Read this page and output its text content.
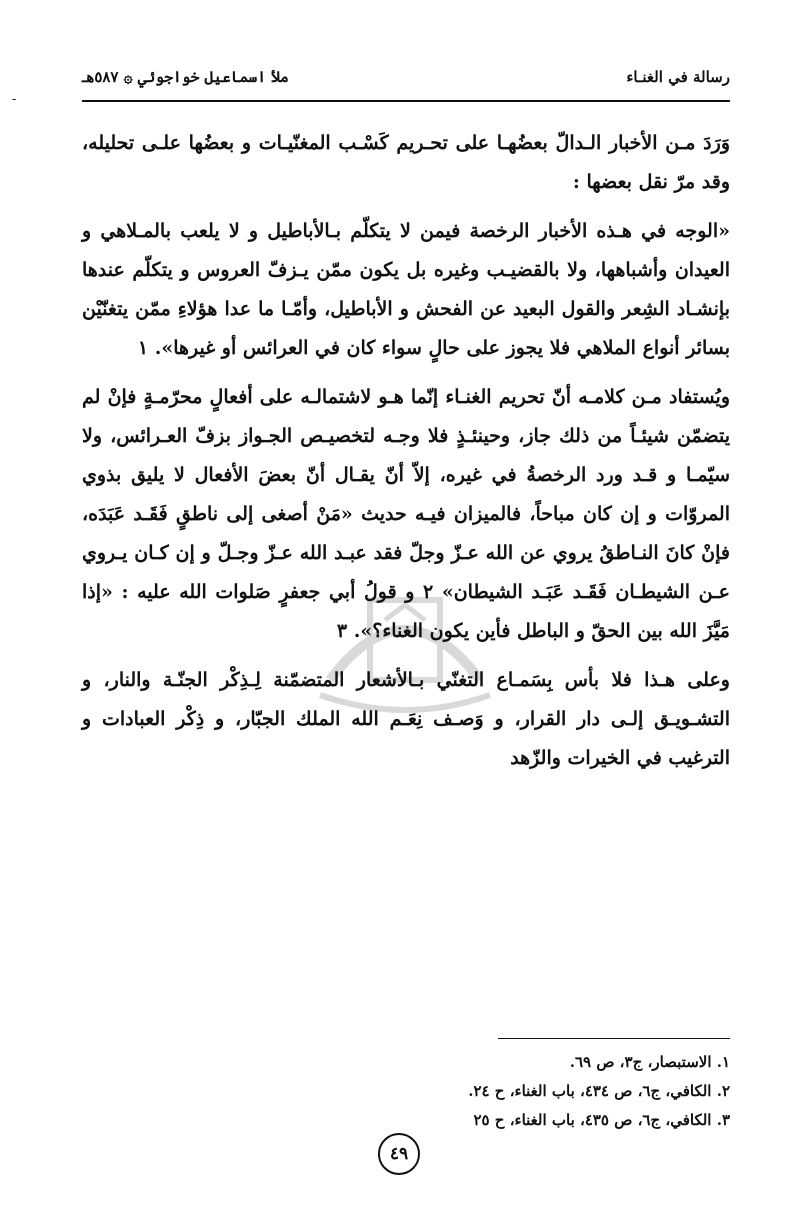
-
رسالة في الغنـاء
ملأ اسماعيل خواجوئي ۞ ٥٨٧هـ

وَرَدَ مـن الأخبار الـدالّ بعضُهـا على تحـريم كَسْـب المغنّيـات و بعضُها علـى تحليله، وقد مرّ نقل بعضها :

«الوجه في هـذه الأخبار الرخصة فيمن لا يتكلّم بـالأباطيل و لا يلعب بالمـلاهي و العيدان وأشباهها، ولا بالقضيـب وغيره بل يكون ممّن يـزفّ العروس و يتكلّم عندها بإنشـاد الشِعر والقول البعيد عن الفحش و الأباطيل، وأمّـا ما عدا هؤلاءِ ممّن يتغنّيْن بسائر أنواع الملاهي فلا يجوز على حالٍ سواء كان في العرائس أو غيرها». ١

ويُستفاد مـن كلامـه أنّ تحريم الغنـاء إنّما هـو لاشتمالـه على أفعالٍ محرّمـةٍ فإنْ لم يتضمّن شيئـاً من ذلك جاز، وحينئـذٍ فلا وجـه لتخصيـص الجـواز بزفّ العـرائس، ولا سيّمـا و قـد ورد الرخصةُ في غيره، إلاّ أنّ يقـال أنّ بعضَ الأفعال لا يليق بذوي المروّات و إن كان مباحاً، فالميزان فيـه حديث «مَنْ أصغى إلى ناطقٍ فَقَـد عَبَدَه، فإنْ كانَ النـاطقُ يروي عن الله عـزّ وجلّ فقد عبـد الله عـزّ وجـلّ و إن كـان يـروي عـن الشيطـان فَقَـد عَبَـد الشيطان» ٢ و قولُ أبي جعفرٍ صَلوات الله عليه : «إذا مَيَّزَ الله بين الحقّ و الباطل فأين يكون الغناء؟». ٣

وعلى هـذا فلا بأس بِسَمـاع التغنّي بـالأشعار المتضمّنة لِـذِكْر الجنّـة والنار، و التشـويـق إلـى دار القرار، و وَصـف نِعَـم الله الملك الجبّار، و ذِكْر العبادات و الترغيب في الخيرات والزّهد

١. الاستبصار، ج٣، ص ٦٩.
٢. الكافي، ج٦، ص ٤٣٤، باب الغناء، ح ٢٤.
٣. الكافي، ج٦، ص ٤٣٥، باب الغناء، ح ٢٥
٤٩
